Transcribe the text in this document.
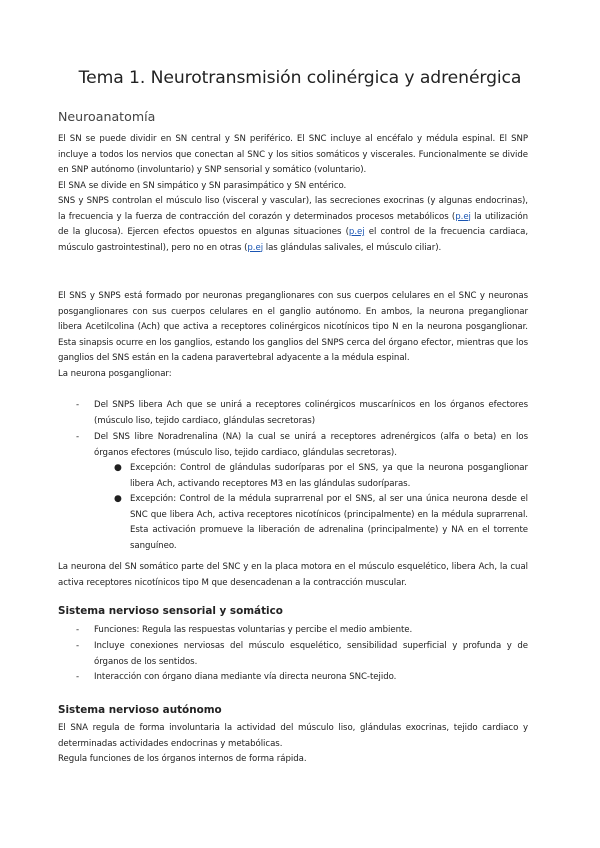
Tema 1. Neurotransmisión colinérgica y adrenérgica
Neuroanatomía

El SN se puede dividir en SN central y SN periférico. El SNC incluye al encéfalo y médula espinal. El SNP incluye a todos los nervios que conectan al SNC y los sitios somáticos y viscerales. Funcionalmente se divide en SNP autónomo (involuntario) y SNP sensorial y somático (voluntario).

El SNA se divide en SN simpático y SN parasimpático y SN entérico.

SNS y SNPS controlan el músculo liso (visceral y vascular), las secreciones exocrinas (y algunas endocrinas), la frecuencia y la fuerza de contracción del corazón y determinados procesos metabólicos (p.ej la utilización de la glucosa). Ejercen efectos opuestos en algunas situaciones (p.ej el control de la frecuencia cardiaca, músculo gastrointestinal), pero no en otras (p.ej las glándulas salivales, el músculo ciliar).

El SNS y SNPS está formado por neuronas preganglionares con sus cuerpos celulares en el SNC y neuronas posganglionares con sus cuerpos celulares en el ganglio autónomo. En ambos, la neurona preganglionar libera Acetilcolina (Ach) que activa a receptores colinérgicos nicotínicos tipo N en la neurona posganglionar. Esta sinapsis ocurre en los ganglios, estando los ganglios del SNPS cerca del órgano efector, mientras que los ganglios del SNS están en la cadena paravertebral adyacente a la médula espinal.

La neurona posganglionar:

- Del SNPS libera Ach que se unirá a receptores colinérgicos muscarínicos en los órganos efectores (músculo liso, tejido cardiaco, glándulas secretoras)
- Del SNS libre Noradrenalina (NA) la cual se unirá a receptores adrenérgicos (alfa o beta) en los órganos efectores (músculo liso, tejido cardiaco, glándulas secretoras).
● Excepción: Control de glándulas sudoríparas por el SNS, ya que la neurona posganglionar libera Ach, activando receptores M3 en las glándulas sudoríparas.
● Excepción: Control de la médula suprarrenal por el SNS, al ser una única neurona desde el SNC que libera Ach, activa receptores nicotínicos (principalmente) en la médula suprarrenal. Esta activación promueve la liberación de adrenalina (principalmente) y NA en el torrente sanguíneo.

La neurona del SN somático parte del SNC y en la placa motora en el músculo esquelético, libera Ach, la cual activa receptores nicotínicos tipo M que desencadenan a la contracción muscular.

Sistema nervioso sensorial y somático
- Funciones: Regula las respuestas voluntarias y percibe el medio ambiente.
- Incluye conexiones nerviosas del músculo esquelético, sensibilidad superficial y profunda y de órganos de los sentidos.
- Interacción con órgano diana mediante vía directa neurona SNC-tejido.
Sistema nervioso autónomo

El SNA regula de forma involuntaria la actividad del músculo liso, glándulas exocrinas, tejido cardiaco y determinadas actividades endocrinas y metabólicas.

Regula funciones de los órganos internos de forma rápida.
